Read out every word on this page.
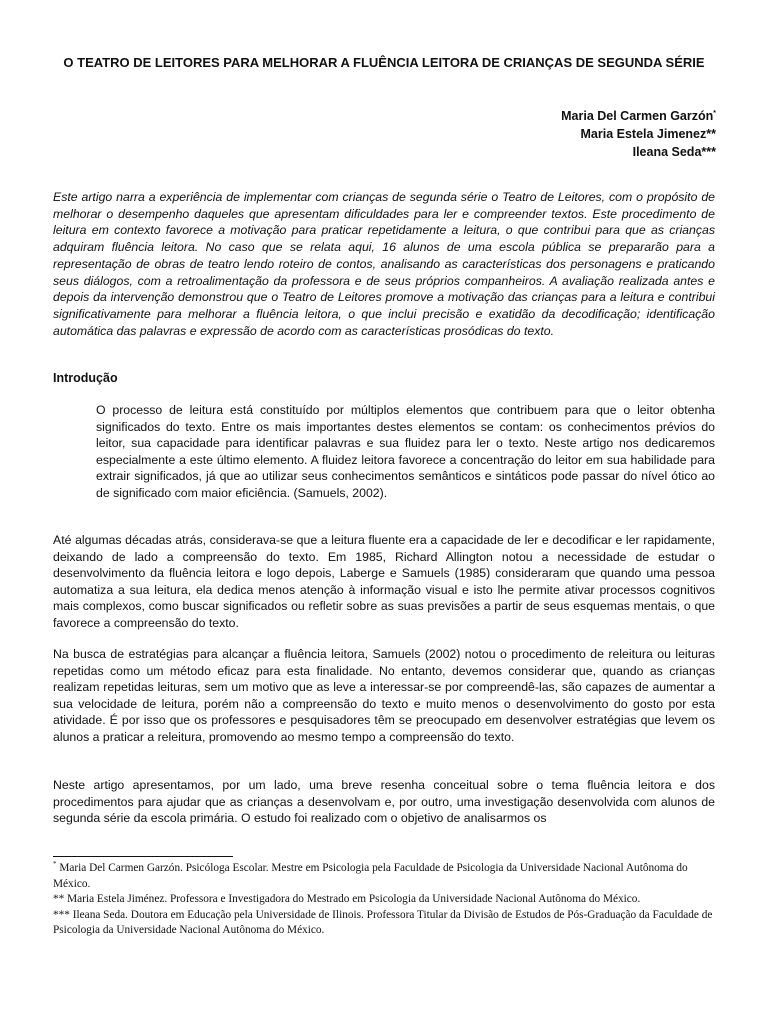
O TEATRO DE LEITORES PARA MELHORAR A FLUÊNCIA LEITORA DE CRIANÇAS DE SEGUNDA SÉRIE
Maria Del Carmen Garzón*
Maria Estela Jimenez**
Ileana Seda***

Este artigo narra a experiência de implementar com crianças de segunda série o Teatro de Leitores, com o propósito de melhorar o desempenho daqueles que apresentam dificuldades para ler e compreender textos. Este procedimento de leitura em contexto favorece a motivação para praticar repetidamente a leitura, o que contribui para que as crianças adquiram fluência leitora. No caso que se relata aqui, 16 alunos de uma escola pública se prepararão para a representação de obras de teatro lendo roteiro de contos, analisando as características dos personagens e praticando seus diálogos, com a retroalimentação da professora e de seus próprios companheiros. A avaliação realizada antes e depois da intervenção demonstrou que o Teatro de Leitores promove a motivação das crianças para a leitura e contribui significativamente para melhorar a fluência leitora, o que inclui precisão e exatidão da decodificação; identificação automática das palavras e expressão de acordo com as características prosódicas do texto.

Introdução

O processo de leitura está constituído por múltiplos elementos que contribuem para que o leitor obtenha significados do texto. Entre os mais importantes destes elementos se contam: os conhecimentos prévios do leitor, sua capacidade para identificar palavras e sua fluidez para ler o texto. Neste artigo nos dedicaremos especialmente a este último elemento. A fluidez leitora favorece a concentração do leitor em sua habilidade para extrair significados, já que ao utilizar seus conhecimentos semânticos e sintáticos pode passar do nível ótico ao de significado com maior eficiência. (Samuels, 2002).

Até algumas décadas atrás, considerava-se que a leitura fluente era a capacidade de ler e decodificar e ler rapidamente, deixando de lado a compreensão do texto. Em 1985, Richard Allington notou a necessidade de estudar o desenvolvimento da fluência leitora e logo depois, Laberge e Samuels (1985) consideraram que quando uma pessoa automatiza a sua leitura, ela dedica menos atenção à informação visual e isto lhe permite ativar processos cognitivos mais complexos, como buscar significados ou refletir sobre as suas previsões a partir de seus esquemas mentais, o que favorece a compreensão do texto.

Na busca de estratégias para alcançar a fluência leitora, Samuels (2002) notou o procedimento de releitura ou leituras repetidas como um método eficaz para esta finalidade. No entanto, devemos considerar que, quando as crianças realizam repetidas leituras, sem um motivo que as leve a interessar-se por compreendê-las, são capazes de aumentar a sua velocidade de leitura, porém não a compreensão do texto e muito menos o desenvolvimento do gosto por esta atividade. É por isso que os professores e pesquisadores têm se preocupado em desenvolver estratégias que levem os alunos a praticar a releitura, promovendo ao mesmo tempo a compreensão do texto.

Neste artigo apresentamos, por um lado, uma breve resenha conceitual sobre o tema fluência leitora e dos procedimentos para ajudar que as crianças a desenvolvam e, por outro, uma investigação desenvolvida com alunos de segunda série da escola primária. O estudo foi realizado com o objetivo de analisarmos os

* Maria Del Carmen Garzón. Psicóloga Escolar. Mestre em Psicologia pela Faculdade de Psicologia da Universidade Nacional Autônoma do México.

** Maria Estela Jiménez. Professora e Investigadora do Mestrado em Psicologia da Universidade Nacional Autônoma do México.

*** Ileana Seda. Doutora em Educação pela Universidade de Ilinois. Professora Titular da Divisão de Estudos de Pós-Graduação da Faculdade de Psicologia da Universidade Nacional Autônoma do México.
